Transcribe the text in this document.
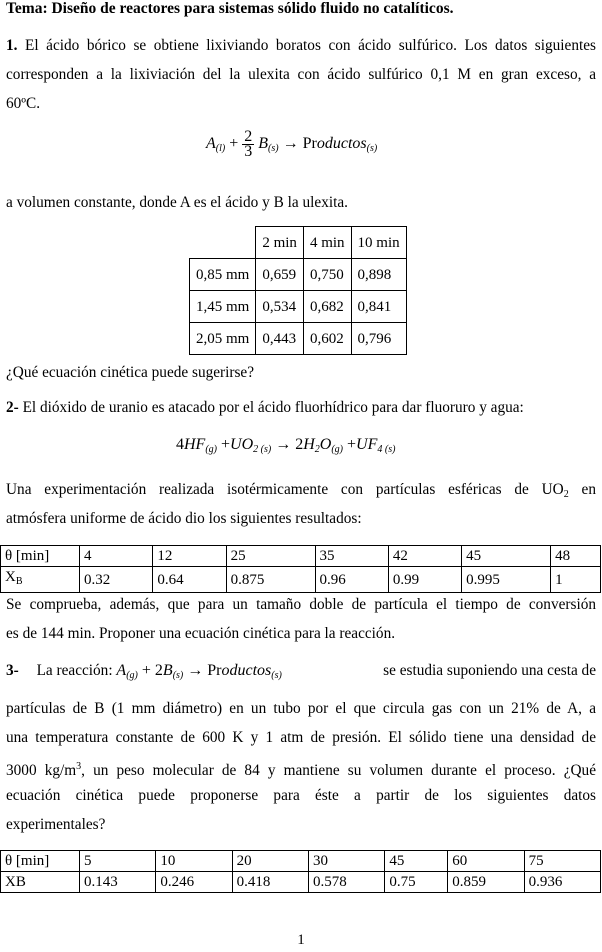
Tema: Diseño de reactores para sistemas sólido fluido no catalíticos.
1. El ácido bórico se obtiene lixiviando boratos con ácido sulfúrico. Los datos siguientes
corresponden a la lixiviación del la ulexita con ácido sulfúrico 0,1 M en gran exceso, a
60ºC.
$A_{(l)} + \frac{2}{3} B_{(s)}$ → Productos$_{(s)}$
a volumen constante, donde A es el ácido y B la ulexita.
	2 min	4 min	10 min
0,85 mm	0,659	0,750	0,898
1,45 mm	0,534	0,682	0,841
2,05 mm	0,443	0,602	0,796
¿Qué ecuación cinética puede sugerirse?
2- El dióxido de uranio es atacado por el ácido fluorhídrico para dar fluoruro y agua:
$4HF_{(g)} +UO_{2 (s)} \to 2H_2O_{(g)} +UF_{4 (s)}$
Una experimentación realizada isotérmicamente con partículas esféricas de $UO_2$ en
atmósfera uniforme de ácido dio los siguientes resultados:
θ [min]	4	12	25	35	42	45	48
$X_B$	0.32	0.64	0.875	0.96	0.99	0.995	1
Se comprueba, además, que para un tamaño doble de partícula el tiempo de conversión
es de 144 min. Proponer una ecuación cinética para la reacción.
3- La reacción: $A_{(g)} + 2B_{(s)}$ → Productos$_{(s)}$	se estudia suponiendo una cesta de
partículas de B (1 mm diámetro) en un tubo por el que circula gas con un 21% de A, a
una temperatura constante de 600 K y 1 atm de presión. El sólido tiene una densidad de
3000 $kg/m^3$, un peso molecular de 84 y mantiene su volumen durante el proceso. ¿Qué
ecuación cinética puede proponerse para éste a partir de los siguientes datos
experimentales?
θ [min]	5	10	20	30	45	60	75
XB	0.143	0.246	0.418	0.578	0.75	0.859	0.936
1
